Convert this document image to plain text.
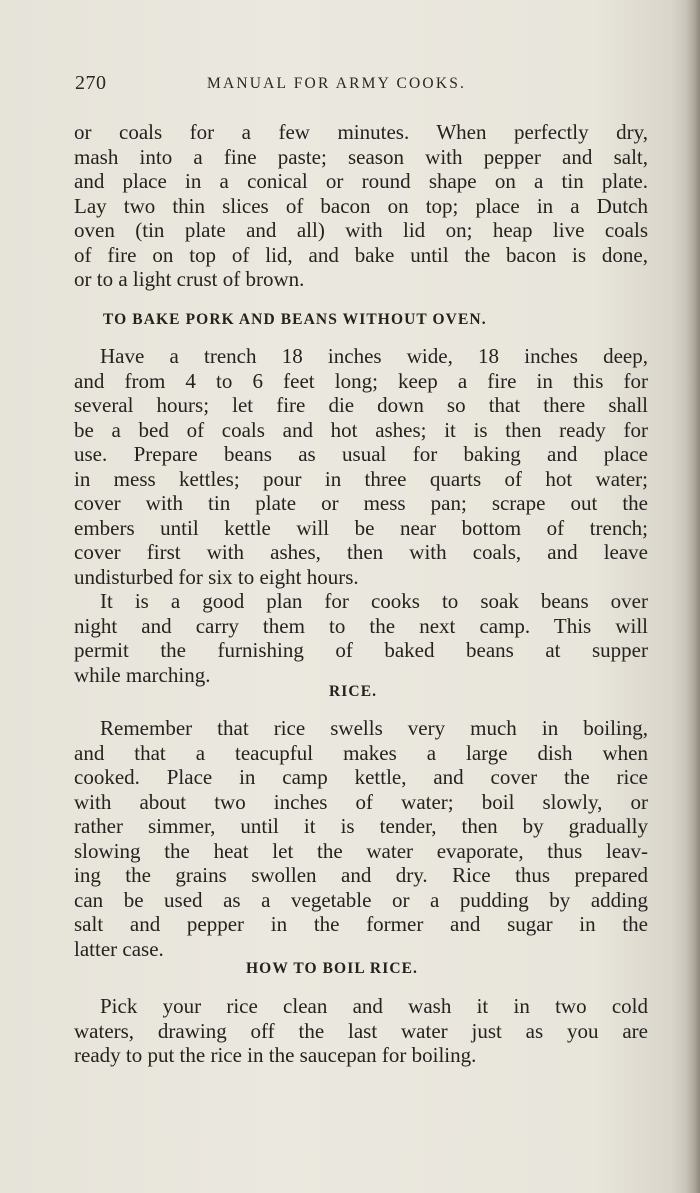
270	MANUAL FOR ARMY COOKS.
or coals for a few minutes. When perfectly dry,
mash into a fine paste; season with pepper and salt,
and place in a conical or round shape on a tin plate.
Lay two thin slices of bacon on top; place in a Dutch
oven (tin plate and all) with lid on; heap live coals
of fire on top of lid, and bake until the bacon is done,
or to a light crust of brown.
TO BAKE PORK AND BEANS WITHOUT OVEN.
Have a trench 18 inches wide, 18 inches deep,
and from 4 to 6 feet long; keep a fire in this for
several hours; let fire die down so that there shall
be a bed of coals and hot ashes; it is then ready for
use. Prepare beans as usual for baking and place
in mess kettles; pour in three quarts of hot water;
cover with tin plate or mess pan; scrape out the
embers until kettle will be near bottom of trench;
cover first with ashes, then with coals, and leave
undisturbed for six to eight hours.
It is a good plan for cooks to soak beans over
night and carry them to the next camp. This will
permit the furnishing of baked beans at supper
while marching.
RICE.
Remember that rice swells very much in boiling,
and that a teacupful makes a large dish when
cooked. Place in camp kettle, and cover the rice
with about two inches of water; boil slowly, or
rather simmer, until it is tender, then by gradually
slowing the heat let the water evaporate, thus leav-
ing the grains swollen and dry. Rice thus prepared
can be used as a vegetable or a pudding by adding
salt and pepper in the former and sugar in the
latter case.
HOW TO BOIL RICE.
Pick your rice clean and wash it in two cold
waters, drawing off the last water just as you are
ready to put the rice in the saucepan for boiling.
